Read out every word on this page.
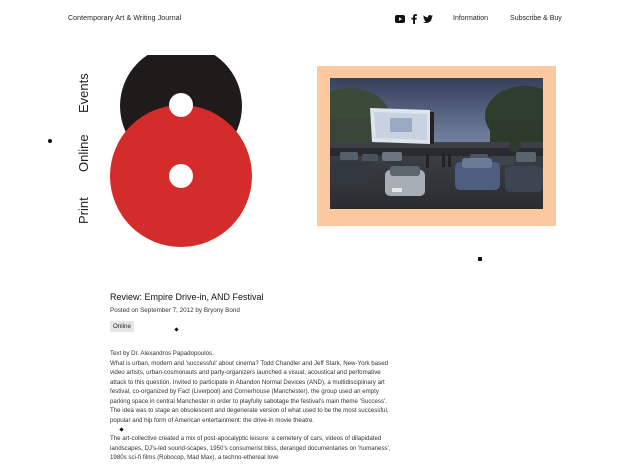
Contemporary Art & Writing Journal	Information	Subscribe & Buy
Events
Online
Print
Review: Empire Drive-in, AND Festival
Posted on September 7, 2012 by Bryony Bond
Online

Text by Dr. Alexandros Papadopoulos.
What is urban, modern and 'successful' about cinema? Todd Chandler and Jeff Stark, New-York based video artists, urban-cosmonauts and party-organizers launched a visual, acoustical and perfomative attack to this question. Invited to participate in Abandon Normal Devices (AND), a multidisciplinary art festival, co-organized by Fact (Liverpool) and Cornerhouse (Manchester), the group used an empty parking space in central Manchester in order to playfully sabotage the festival's main theme 'Success'. The idea was to stage an obsolescent and degenerate version of what used to be the most successful, popular and hip form of American entertainment: the drive-in movie theatre.

The art-collective created a mix of post-apocalyptic leisure: a cemetery of cars, videos of dilapidated landscapes, DJ's-led sound-scapes, 1950's consumerist bliss, deranged documentaries on 'humaness', 1980s sci-fi films (Robocop, Mad Max), a techno-ethereal love
